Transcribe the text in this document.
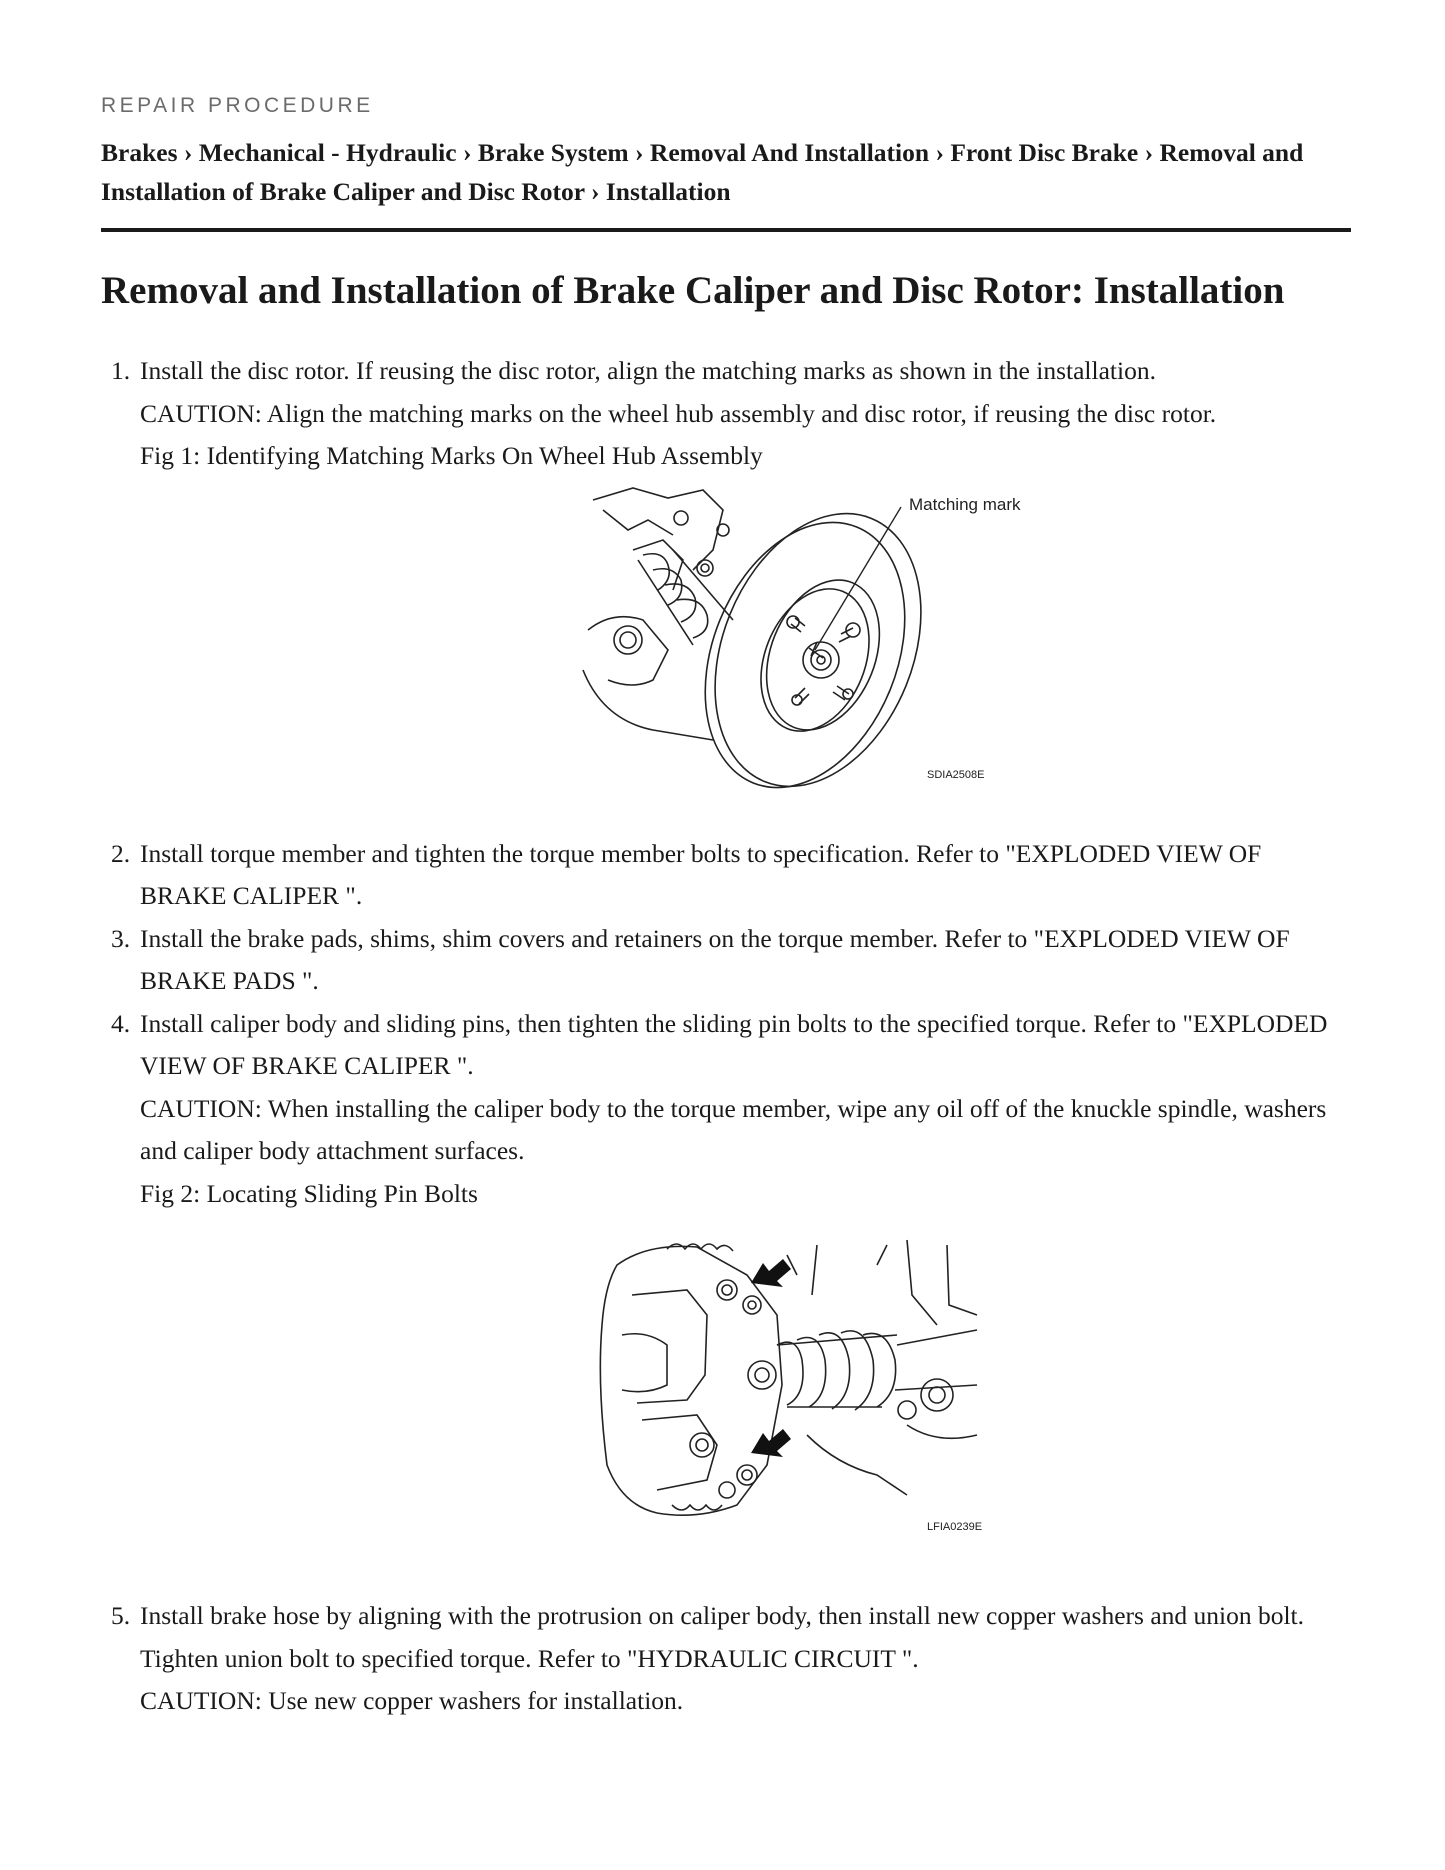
REPAIR PROCEDURE
Brakes › Mechanical - Hydraulic › Brake System › Removal And Installation › Front Disc Brake › Removal and Installation of Brake Caliper and Disc Rotor › Installation
Removal and Installation of Brake Caliper and Disc Rotor: Installation
1. Install the disc rotor. If reusing the disc rotor, align the matching marks as shown in the installation.
CAUTION: Align the matching marks on the wheel hub assembly and disc rotor, if reusing the disc rotor.
Fig 1: Identifying Matching Marks On Wheel Hub Assembly
Matching mark
SDIA2508E
2. Install torque member and tighten the torque member bolts to specification. Refer to "EXPLODED VIEW OF BRAKE CALIPER ".
3. Install the brake pads, shims, shim covers and retainers on the torque member. Refer to "EXPLODED VIEW OF BRAKE PADS ".
4. Install caliper body and sliding pins, then tighten the sliding pin bolts to the specified torque. Refer to "EXPLODED VIEW OF BRAKE CALIPER ".
CAUTION: When installing the caliper body to the torque member, wipe any oil off of the knuckle spindle, washers and caliper body attachment surfaces.
Fig 2: Locating Sliding Pin Bolts
LFIA0239E
5. Install brake hose by aligning with the protrusion on caliper body, then install new copper washers and union bolt. Tighten union bolt to specified torque. Refer to "HYDRAULIC CIRCUIT ".
CAUTION: Use new copper washers for installation.
